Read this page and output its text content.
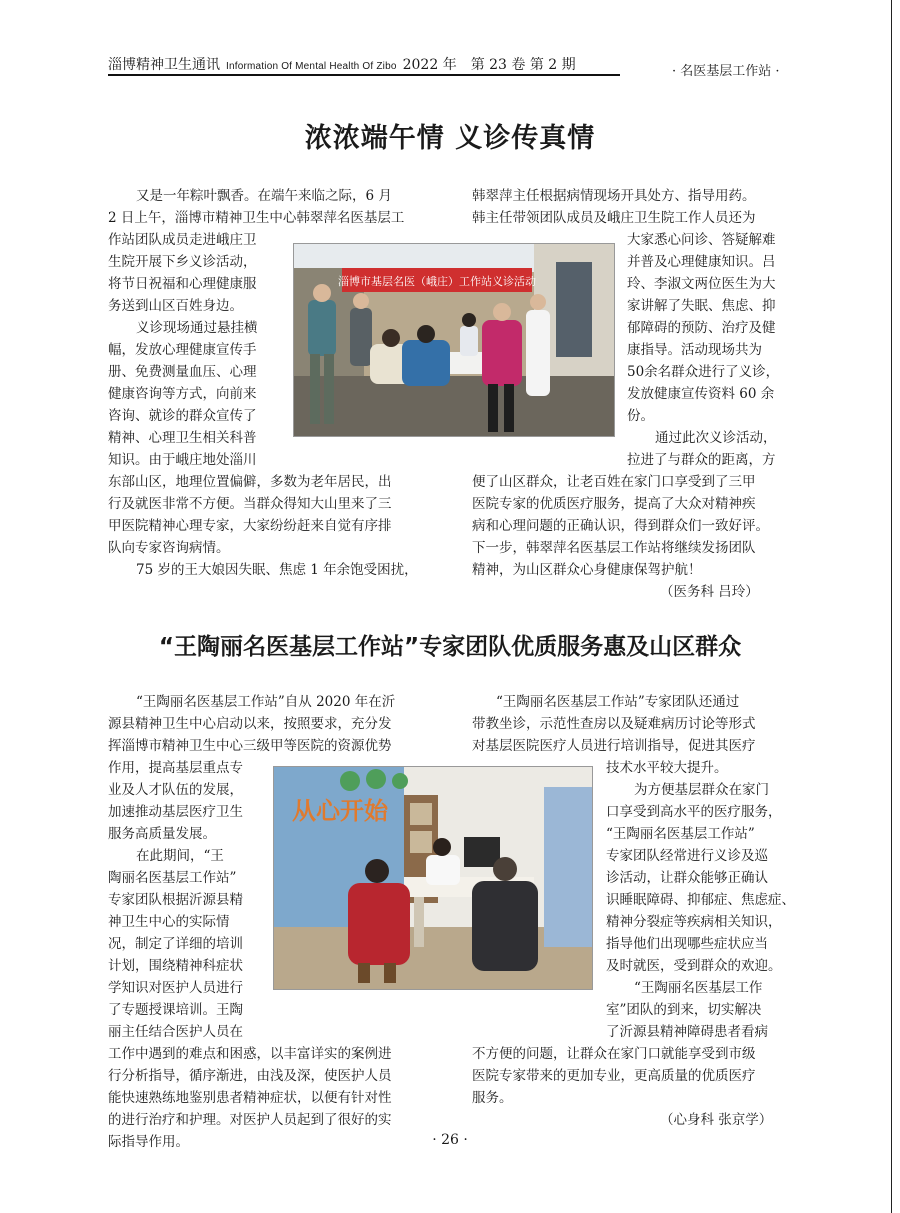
淄博精神卫生通讯 Information Of Mental Health Of Zibo 2022 年　第 23 卷 第 2 期	· 名医基层工作站 ·
浓浓端午情 义诊传真情
淄博市基层名医（峨庄）工作站义诊活动
又是一年粽叶飘香。在端午来临之际，6 月
2 日上午，淄博市精神卫生中心韩翠萍名医基层工
作站团队成员走进峨庄卫
生院开展下乡义诊活动，
将节日祝福和心理健康服
务送到山区百姓身边。
义诊现场通过悬挂横
幅，发放心理健康宣传手
册、免费测量血压、心理
健康咨询等方式，向前来
咨询、就诊的群众宣传了
精神、心理卫生相关科普
知识。由于峨庄地处淄川
东部山区，地理位置偏僻，多数为老年居民，出
行及就医非常不方便。当群众得知大山里来了三
甲医院精神心理专家，大家纷纷赶来自觉有序排
队向专家咨询病情。
75 岁的王大娘因失眠、焦虑 1 年余饱受困扰，
韩翠萍主任根据病情现场开具处方、指导用药。
韩主任带领团队成员及峨庄卫生院工作人员还为
大家悉心问诊、答疑解难
并普及心理健康知识。吕
玲、李淑文两位医生为大
家讲解了失眠、焦虑、抑
郁障碍的预防、治疗及健
康指导。活动现场共为
50余名群众进行了义诊，
发放健康宣传资料 60 余
份。
通过此次义诊活动，
拉进了与群众的距离，方
便了山区群众，让老百姓在家门口享受到了三甲
医院专家的优质医疗服务，提高了大众对精神疾
病和心理问题的正确认识，得到群众们一致好评。
下一步，韩翠萍名医基层工作站将继续发扬团队
精神，为山区群众心身健康保驾护航！
（医务科 吕玲）
“王陶丽名医基层工作站”专家团队优质服务惠及山区群众
从心开始
“王陶丽名医基层工作站”自从 2020 年在沂
源县精神卫生中心启动以来，按照要求，充分发
挥淄博市精神卫生中心三级甲等医院的资源优势
作用，提高基层重点专
业及人才队伍的发展，
加速推动基层医疗卫生
服务高质量发展。
在此期间，“王
陶丽名医基层工作站”
专家团队根据沂源县精
神卫生中心的实际情
况，制定了详细的培训
计划，围绕精神科症状
学知识对医护人员进行
了专题授课培训。王陶
丽主任结合医护人员在
工作中遇到的难点和困惑，以丰富详实的案例进
行分析指导，循序渐进，由浅及深，使医护人员
能快速熟练地鉴别患者精神症状，以便有针对性
的进行治疗和护理。对医护人员起到了很好的实
际指导作用。
“王陶丽名医基层工作站”专家团队还通过
带教坐诊，示范性查房以及疑难病历讨论等形式
对基层医院医疗人员进行培训指导，促进其医疗
技术水平较大提升。
为方便基层群众在家门
口享受到高水平的医疗服务，
“王陶丽名医基层工作站”
专家团队经常进行义诊及巡
诊活动，让群众能够正确认
识睡眠障碍、抑郁症、焦虑症、
精神分裂症等疾病相关知识，
指导他们出现哪些症状应当
及时就医，受到群众的欢迎。
“王陶丽名医基层工作
室”团队的到来，切实解决
了沂源县精神障碍患者看病
不方便的问题，让群众在家门口就能享受到市级
医院专家带来的更加专业，更高质量的优质医疗
服务。
（心身科 张京学）
· 26 ·
